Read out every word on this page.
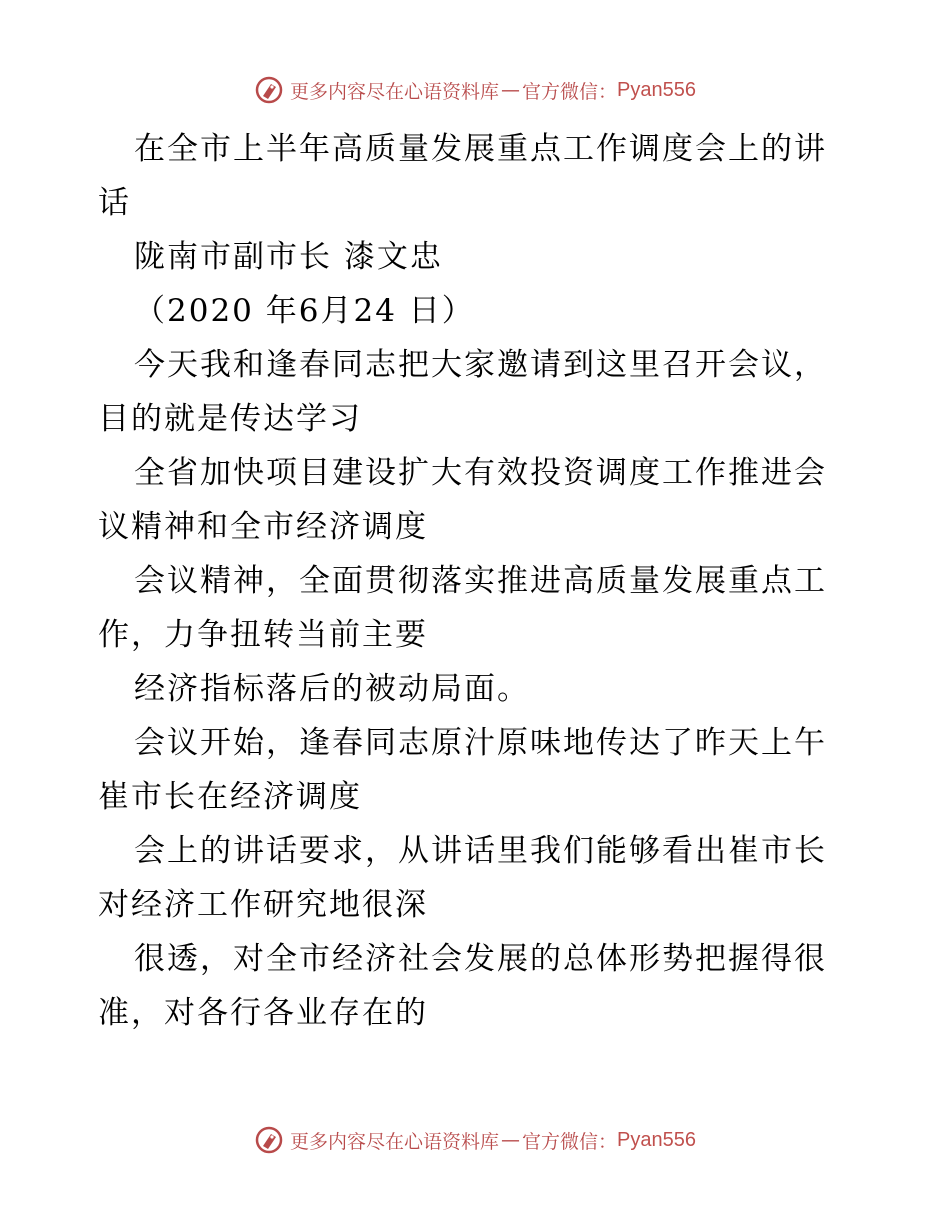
更多内容尽在心语资料库 — 官方微信： Pyan556
在全市上半年高质量发展重点工作调度会上的讲
话
陇南市副市长 漆文忠
（2020 年6月24 日）
今天我和逢春同志把大家邀请到这里召开会议，
目的就是传达学习
全省加快项目建设扩大有效投资调度工作推进会
议精神和全市经济调度
会议精神，全面贯彻落实推进高质量发展重点工
作，力争扭转当前主要
经济指标落后的被动局面。
会议开始，逢春同志原汁原味地传达了昨天上午
崔市长在经济调度
会上的讲话要求，从讲话里我们能够看出崔市长
对经济工作研究地很深
很透，对全市经济社会发展的总体形势把握得很
准，对各行各业存在的
更多内容尽在心语资料库 — 官方微信： Pyan556
